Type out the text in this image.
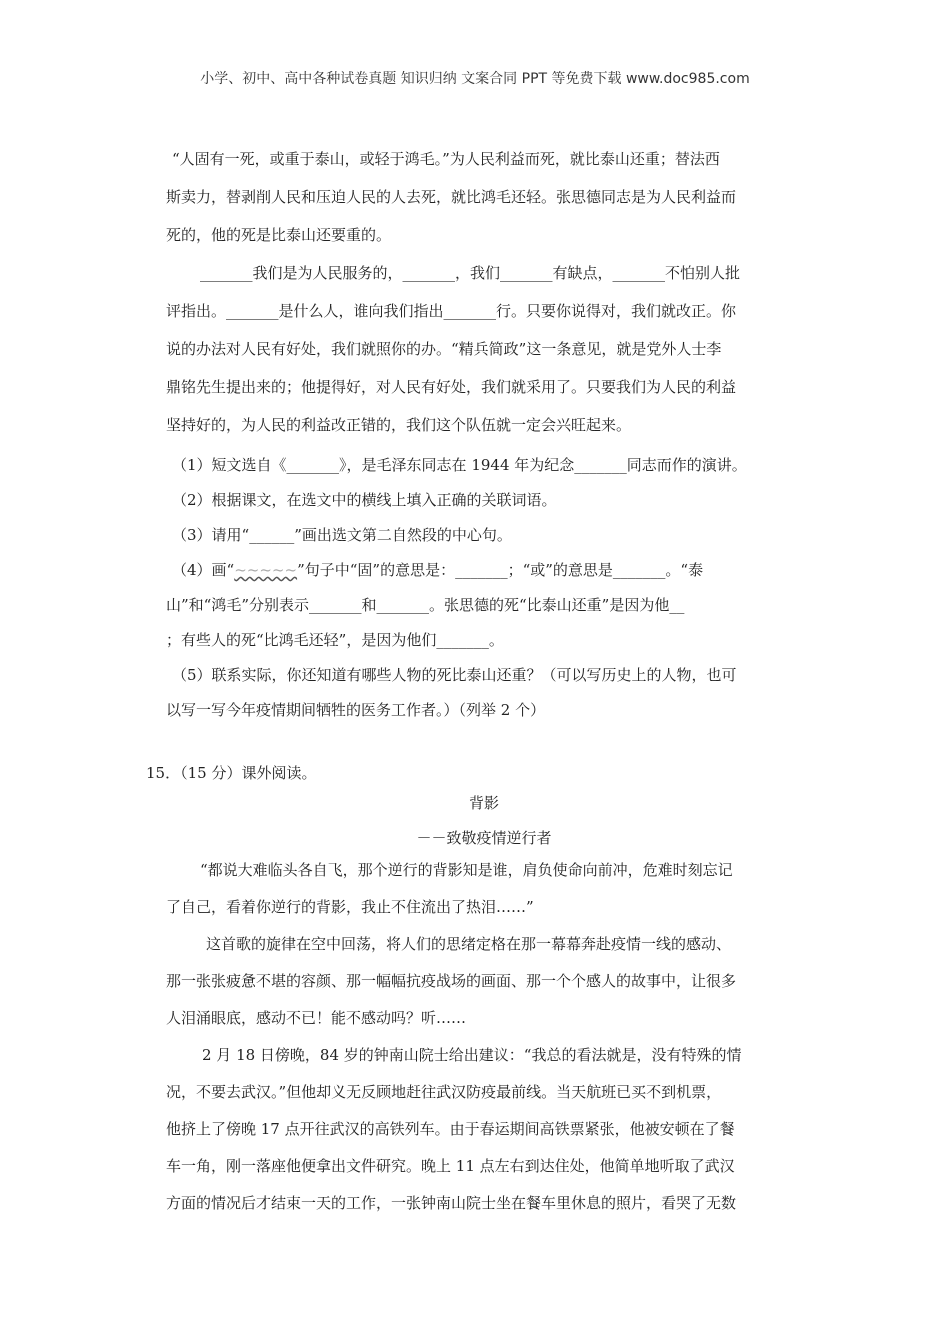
小学、初中、高中各种试卷真题 知识归纳 文案合同 PPT 等免费下载 www.doc985.com

“人固有一死，或重于泰山，或轻于鸿毛。”为人民利益而死，就比泰山还重；替法西

斯卖力，替剥削人民和压迫人民的人去死，就比鸿毛还轻。张思德同志是为人民利益而

死的，他的死是比泰山还要重的。

_______我们是为人民服务的，_______，我们_______有缺点，_______不怕别人批

评指出。_______是什么人，谁向我们指出_______行。只要你说得对，我们就改正。你

说的办法对人民有好处，我们就照你的办。“精兵简政”这一条意见，就是党外人士李

鼎铭先生提出来的；他提得好，对人民有好处，我们就采用了。只要我们为人民的利益

坚持好的，为人民的利益改正错的，我们这个队伍就一定会兴旺起来。

（1）短文选自《_______》，是毛泽东同志在 1944 年为纪念_______同志而作的演讲。

（2）根据课文，在选文中的横线上填入正确的关联词语。

（3）请用“______”画出选文第二自然段的中心句。

（4）画“~~~~~”句子中“固”的意思是：_______；“或”的意思是_______。“泰

山”和“鸿毛”分别表示_______和_______。张思德的死“比泰山还重”是因为他__

；有些人的死“比鸿毛还轻”，是因为他们_______。

（5）联系实际，你还知道有哪些人物的死比泰山还重？（可以写历史上的人物，也可

以写一写今年疫情期间牺牲的医务工作者。）（列举 2 个）

15．（15 分）课外阅读。
背影
－－致敬疫情逆行者

“都说大难临头各自飞，那个逆行的背影知是谁，肩负使命向前冲，危难时刻忘记

了自己，看着你逆行的背影，我止不住流出了热泪……”

这首歌的旋律在空中回荡，将人们的思绪定格在那一幕幕奔赴疫情一线的感动、

那一张张疲惫不堪的容颜、那一幅幅抗疫战场的画面、那一个个感人的故事中，让很多

人泪涌眼底，感动不已！能不感动吗？听……

2 月 18 日傍晚，84 岁的钟南山院士给出建议：“我总的看法就是，没有特殊的情

况，不要去武汉。”但他却义无反顾地赶往武汉防疫最前线。当天航班已买不到机票，

他挤上了傍晚 17 点开往武汉的高铁列车。由于春运期间高铁票紧张，他被安顿在了餐

车一角，刚一落座他便拿出文件研究。晚上 11 点左右到达住处，他简单地听取了武汉

方面的情况后才结束一天的工作，一张钟南山院士坐在餐车里休息的照片，看哭了无数
